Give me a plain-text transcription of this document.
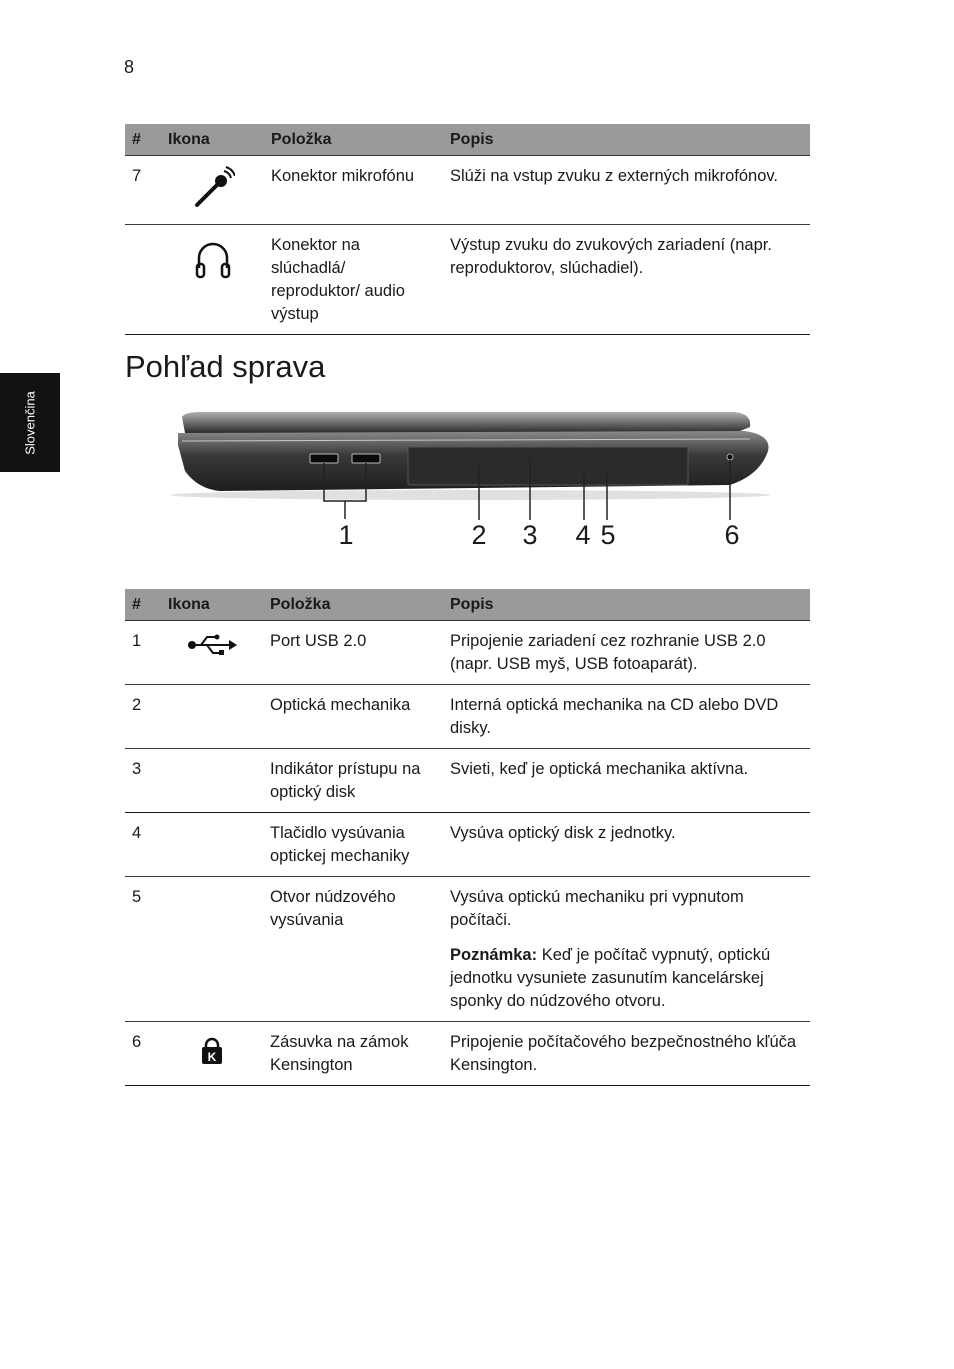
8
Slovenčina
#	Ikona	Položka	Popis
7		Konektor mikrofónu	Slúži na vstup zvuku z externých mikrofónov.
		Konektor na slúchadlá/ reproduktor/ audio výstup	Výstup zvuku do zvukových zariadení (napr. reproduktorov, slúchadiel).
Pohľad sprava
1	2 3 4 5	6
#	Ikona	Položka	Popis
1		Port USB 2.0	Pripojenie zariadení cez rozhranie USB 2.0 (napr. USB myš, USB fotoaparát).
2		Optická mechanika	Interná optická mechanika na CD alebo DVD disky.
3		Indikátor prístupu na optický disk	Svieti, keď je optická mechanika aktívna.
4		Tlačidlo vysúvania optickej mechaniky	Vysúva optický disk z jednotky.
5		Otvor núdzového vysúvania	Vysúva optickú mechaniku pri vypnutom počítači.
Poznámka: Keď je počítač vypnutý, optickú jednotku vysuniete zasunutím kancelárskej sponky do núdzového otvoru.

6	K	Zásuvka na zámok Kensington	Pripojenie počítačového bezpečnostného kľúča Kensington.
